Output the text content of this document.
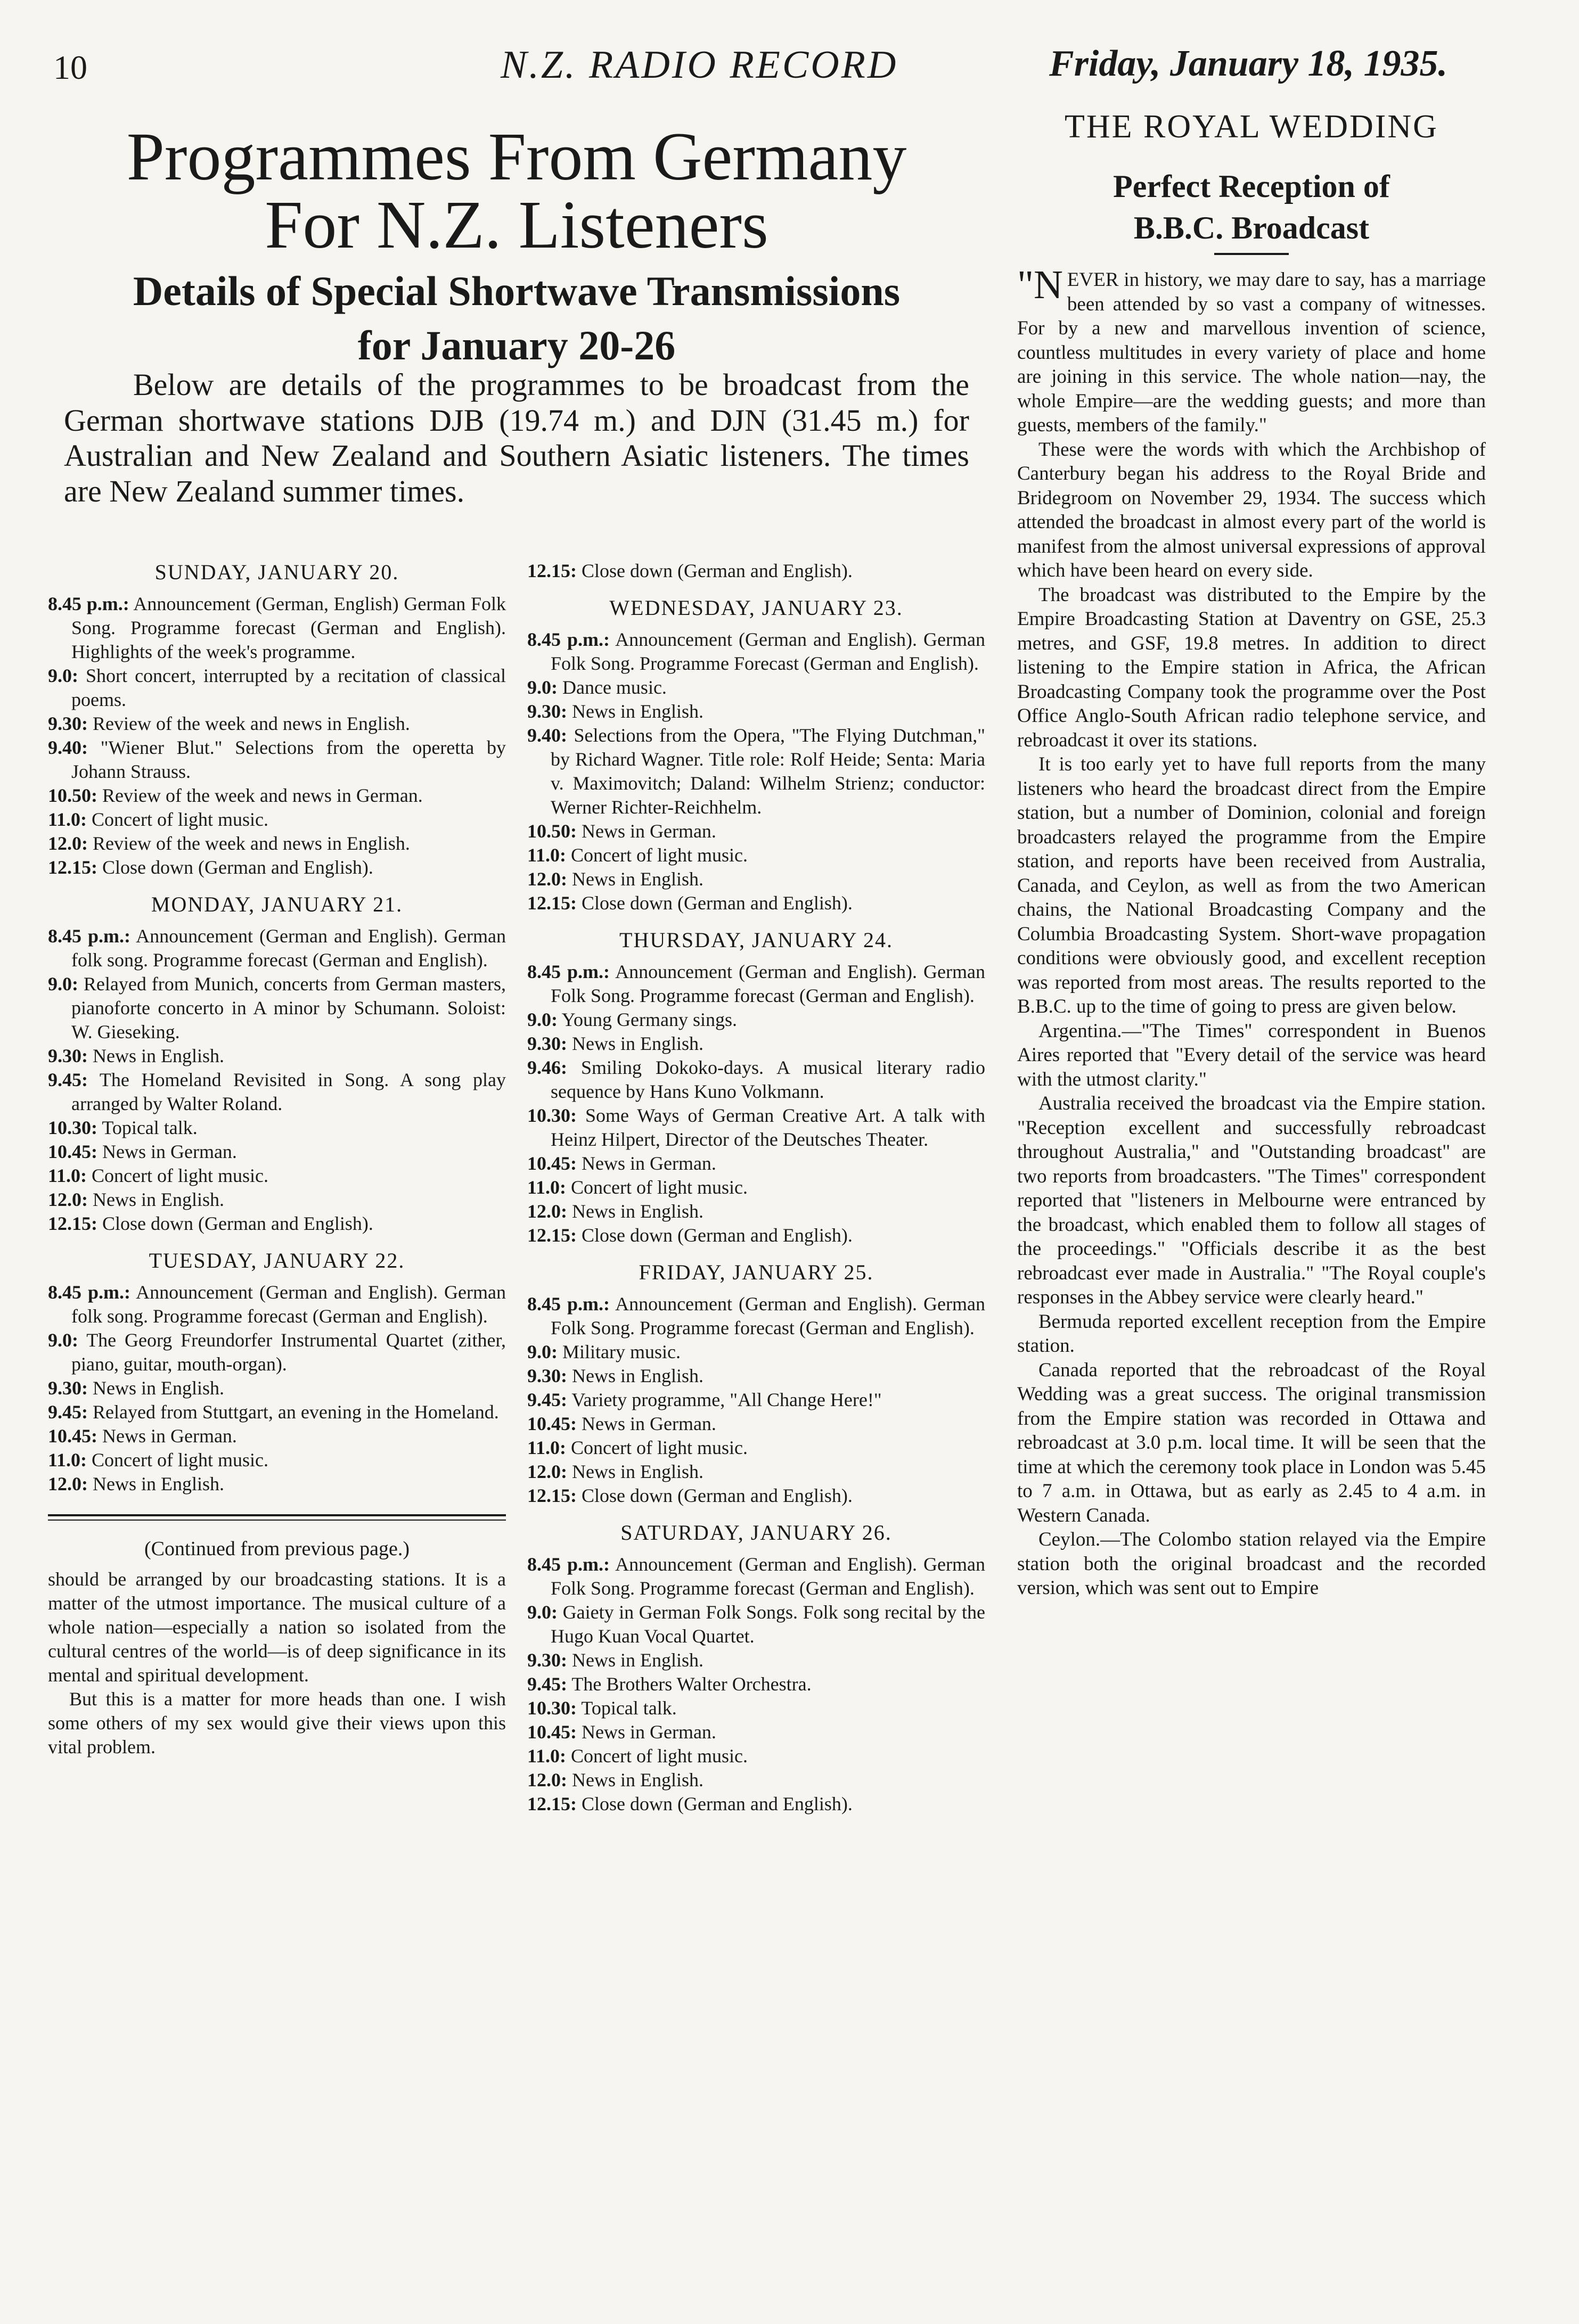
10	N.Z. RADIO RECORD	Friday, January 18, 1935.
Programmes From Germany
For N.Z. Listeners
Details of Special Shortwave Transmissions
for January 20-26
Below are details of the programmes to be broadcast from the German shortwave stations DJB (19.74 m.) and DJN (31.45 m.) for Australian and New Zealand and Southern Asiatic listeners. The times are New Zealand summer times.
SUNDAY, JANUARY 20.

8.45 p.m.: Announcement (German, English) German Folk Song. Programme forecast (German and English). Highlights of the week's programme.

9.0: Short concert, interrupted by a recitation of classical poems.

9.30: Review of the week and news in English.

9.40: "Wiener Blut." Selections from the operetta by Johann Strauss.

10.50: Review of the week and news in German.

11.0: Concert of light music.

12.0: Review of the week and news in English.

12.15: Close down (German and English).

MONDAY, JANUARY 21.

8.45 p.m.: Announcement (German and English). German folk song. Programme forecast (German and English).

9.0: Relayed from Munich, concerts from German masters, pianoforte concerto in A minor by Schumann. Soloist: W. Gieseking.

9.30: News in English.

9.45: The Homeland Revisited in Song. A song play arranged by Walter Roland.

10.30: Topical talk.

10.45: News in German.

11.0: Concert of light music.

12.0: News in English.

12.15: Close down (German and English).

TUESDAY, JANUARY 22.

8.45 p.m.: Announcement (German and English). German folk song. Programme forecast (German and English).

9.0: The Georg Freundorfer Instrumental Quartet (zither, piano, guitar, mouth-organ).

9.30: News in English.

9.45: Relayed from Stuttgart, an evening in the Homeland.

10.45: News in German.

11.0: Concert of light music.

12.0: News in English.

(Continued from previous page.)

should be arranged by our broadcasting stations. It is a matter of the utmost importance. The musical culture of a whole nation—especially a nation so isolated from the cultural centres of the world—is of deep significance in its mental and spiritual development.

But this is a matter for more heads than one. I wish some others of my sex would give their views upon this vital problem.

12.15: Close down (German and English).

WEDNESDAY, JANUARY 23.

8.45 p.m.: Announcement (German and English). German Folk Song. Programme Forecast (German and English).

9.0: Dance music.

9.30: News in English.

9.40: Selections from the Opera, "The Flying Dutchman," by Richard Wagner. Title role: Rolf Heide; Senta: Maria v. Maximovitch; Daland: Wilhelm Strienz; conductor: Werner Richter-Reichhelm.

10.50: News in German.

11.0: Concert of light music.

12.0: News in English.

12.15: Close down (German and English).

THURSDAY, JANUARY 24.

8.45 p.m.: Announcement (German and English). German Folk Song. Programme forecast (German and English).

9.0: Young Germany sings.

9.30: News in English.

9.46: Smiling Dokoko-days. A musical literary radio sequence by Hans Kuno Volkmann.

10.30: Some Ways of German Creative Art. A talk with Heinz Hilpert, Director of the Deutsches Theater.

10.45: News in German.

11.0: Concert of light music.

12.0: News in English.

12.15: Close down (German and English).

FRIDAY, JANUARY 25.

8.45 p.m.: Announcement (German and English). German Folk Song. Programme forecast (German and English).

9.0: Military music.

9.30: News in English.

9.45: Variety programme, "All Change Here!"

10.45: News in German.

11.0: Concert of light music.

12.0: News in English.

12.15: Close down (German and English).

SATURDAY, JANUARY 26.

8.45 p.m.: Announcement (German and English). German Folk Song. Programme forecast (German and English).

9.0: Gaiety in German Folk Songs. Folk song recital by the Hugo Kuan Vocal Quartet.

9.30: News in English.

9.45: The Brothers Walter Orchestra.

10.30: Topical talk.

10.45: News in German.

11.0: Concert of light music.

12.0: News in English.

12.15: Close down (German and English).

THE ROYAL WEDDING
Perfect Reception of
B.B.C. Broadcast

"NEVER in history, we may dare to say, has a marriage been attended by so vast a company of witnesses. For by a new and marvellous invention of science, countless multitudes in every variety of place and home are joining in this service. The whole nation—nay, the whole Empire—are the wedding guests; and more than guests, members of the family."

These were the words with which the Archbishop of Canterbury began his address to the Royal Bride and Bridegroom on November 29, 1934. The success which attended the broadcast in almost every part of the world is manifest from the almost universal expressions of approval which have been heard on every side.

The broadcast was distributed to the Empire by the Empire Broadcasting Station at Daventry on GSE, 25.3 metres, and GSF, 19.8 metres. In addition to direct listening to the Empire station in Africa, the African Broadcasting Company took the programme over the Post Office Anglo-South African radio telephone service, and rebroadcast it over its stations.

It is too early yet to have full reports from the many listeners who heard the broadcast direct from the Empire station, but a number of Dominion, colonial and foreign broadcasters relayed the programme from the Empire station, and reports have been received from Australia, Canada, and Ceylon, as well as from the two American chains, the National Broadcasting Company and the Columbia Broadcasting System. Short-wave propagation conditions were obviously good, and excellent reception was reported from most areas. The results reported to the B.B.C. up to the time of going to press are given below.

Argentina.—"The Times" correspondent in Buenos Aires reported that "Every detail of the service was heard with the utmost clarity."

Australia received the broadcast via the Empire station. "Reception excellent and successfully rebroadcast throughout Australia," and "Outstanding broadcast" are two reports from broadcasters. "The Times" correspondent reported that "listeners in Melbourne were entranced by the broadcast, which enabled them to follow all stages of the proceedings." "Officials describe it as the best rebroadcast ever made in Australia." "The Royal couple's responses in the Abbey service were clearly heard."

Bermuda reported excellent reception from the Empire station.

Canada reported that the rebroadcast of the Royal Wedding was a great success. The original transmission from the Empire station was recorded in Ottawa and rebroadcast at 3.0 p.m. local time. It will be seen that the time at which the ceremony took place in London was 5.45 to 7 a.m. in Ottawa, but as early as 2.45 to 4 a.m. in Western Canada.

Ceylon.—The Colombo station relayed via the Empire station both the original broadcast and the recorded version, which was sent out to Empire
